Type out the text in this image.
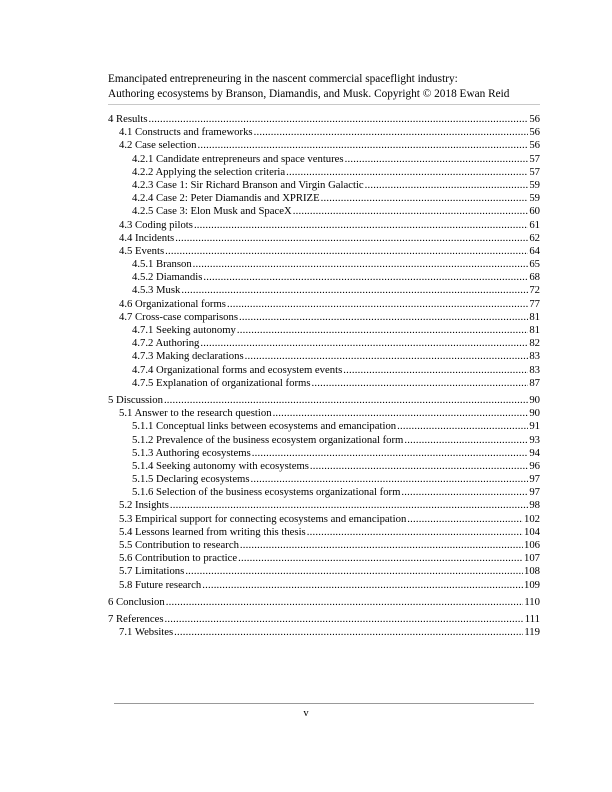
Emancipated entrepreneuring in the nascent commercial spaceflight industry:
Authoring ecosystems by Branson, Diamandis, and Musk. Copyright © 2018 Ewan Reid
4 Results .....	56
4.1 Constructs and frameworks .....	56
4.2 Case selection .....	56
4.2.1 Candidate entrepreneurs and space ventures .....	57
4.2.2 Applying the selection criteria .....	57
4.2.3 Case 1: Sir Richard Branson and Virgin Galactic .....	59
4.2.4 Case 2: Peter Diamandis and XPRIZE .....	59
4.2.5 Case 3: Elon Musk and SpaceX .....	60
4.3 Coding pilots .....	61
4.4 Incidents .....	62
4.5 Events .....	64
4.5.1 Branson .....	65
4.5.2 Diamandis .....	68
4.5.3 Musk .....	72
4.6 Organizational forms .....	77
4.7 Cross-case comparisons .....	81
4.7.1 Seeking autonomy .....	81
4.7.2 Authoring .....	82
4.7.3 Making declarations .....	83
4.7.4 Organizational forms and ecosystem events .....	83
4.7.5 Explanation of organizational forms .....	87
5 Discussion .....	90
5.1 Answer to the research question .....	90
5.1.1 Conceptual links between ecosystems and emancipation .....	91
5.1.2 Prevalence of the business ecosystem organizational form .....	93
5.1.3 Authoring ecosystems .....	94
5.1.4 Seeking autonomy with ecosystems .....	96
5.1.5 Declaring ecosystems .....	97
5.1.6 Selection of the business ecosystems organizational form .....	97
5.2 Insights .....	98
5.3 Empirical support for connecting ecosystems and emancipation .....	102
5.4 Lessons learned from writing this thesis .....	104
5.5 Contribution to research .....	106
5.6 Contribution to practice .....	107
5.7 Limitations .....	108
5.8 Future research .....	109
6 Conclusion .....	110
7 References .....	111
7.1 Websites .....	119
v
